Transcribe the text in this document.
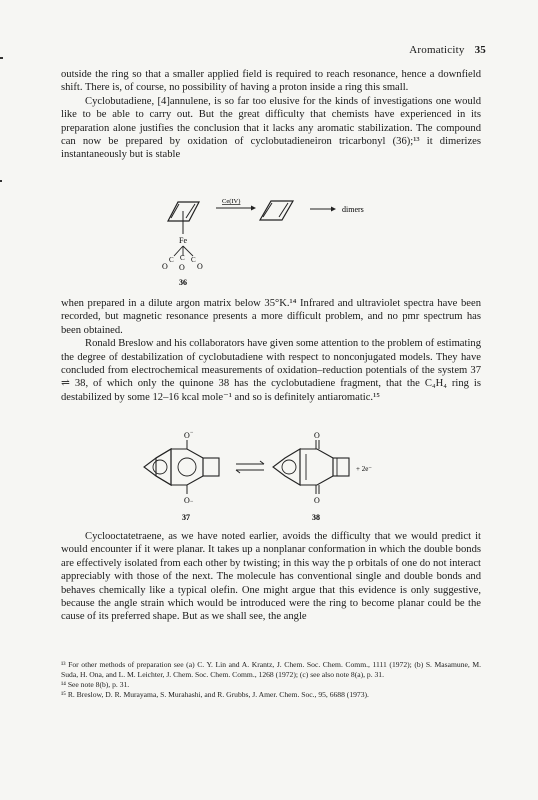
Aromaticity 35

outside the ring so that a smaller applied field is required to reach resonance, hence a downfield shift. There is, of course, no possibility of having a proton inside a ring this small.

Cyclobutadiene, [4]annulene, is so far too elusive for the kinds of investigations one would like to be able to carry out. But the great difficulty that chemists have experienced in its preparation alone justifies the conclusion that it lacks any aromatic stabilization. The compound can now be prepared by oxidation of cyclobutadieneiron tricarbonyl (36);¹³ it dimerizes instantaneously but is stable

Fe
C C C
O O O
36
Ce(IV)
dimers

when prepared in a dilute argon matrix below 35°K.¹⁴ Infrared and ultraviolet spectra have been recorded, but magnetic resonance presents a more difficult problem, and no pmr spectrum has been obtained.

Ronald Breslow and his collaborators have given some attention to the problem of estimating the degree of destabilization of cyclobutadiene with respect to nonconjugated models. They have concluded from electrochemical measurements of oxidation–reduction potentials of the system 37 ⇌ 38, of which only the quinone 38 has the cyclobutadiene fragment, that the C₄H₄ ring is destabilized by some 12–16 kcal mole⁻¹ and so is definitely antiaromatic.¹⁵

O −
O −
37
O
O
+ 2e⁻
38

Cyclooctatetraene, as we have noted earlier, avoids the difficulty that we would predict it would encounter if it were planar. It takes up a nonplanar conformation in which the double bonds are effectively isolated from each other by twisting; in this way the p orbitals of one do not interact appreciably with those of the next. The molecule has conventional single and double bonds and behaves chemically like a typical olefin. One might argue that this evidence is only suggestive, because the angle strain which would be introduced were the ring to become planar could be the cause of its preferred shape. But as we shall see, the angle

¹³ For other methods of preparation see (a) C. Y. Lin and A. Krantz, J. Chem. Soc. Chem. Comm., 1111 (1972); (b) S. Masamune, M. Suda, H. Ona, and L. M. Leichter, J. Chem. Soc. Chem. Comm., 1268 (1972); (c) see also note 8(a), p. 31.

¹⁴ See note 8(b), p. 31.

¹⁵ R. Breslow, D. R. Murayama, S. Murahashi, and R. Grubbs, J. Amer. Chem. Soc., 95, 6688 (1973).
